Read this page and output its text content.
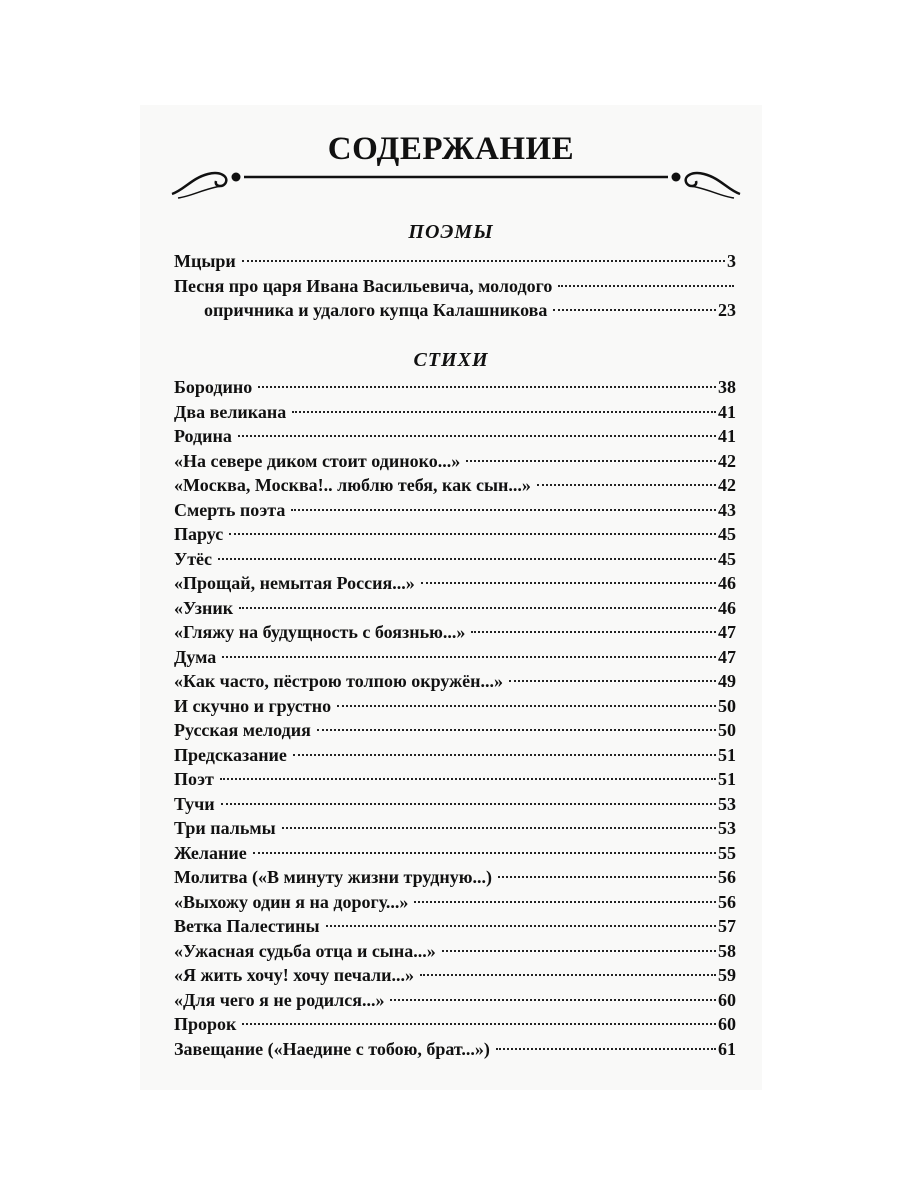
СОДЕРЖАНИЕ
ПОЭМЫ
Мцыри	3
Песня про царя Ивана Васильевича, молодого
опричника и удалого купца Калашникова	23
СТИХИ
Бородино	38
Два великана	41
Родина	41
«На севере диком стоит одиноко...»	42
«Москва, Москва!.. люблю тебя, как сын...»	42
Смерть поэта	43
Парус	45
Утёс	45
«Прощай, немытая Россия...»	46
«Узник	46
«Гляжу на будущность с боязнью...»	47
Дума	47
«Как часто, пёстрою толпою окружён...»	49
И скучно и грустно	50
Русская мелодия	50
Предсказание	51
Поэт	51
Тучи	53
Три пальмы	53
Желание	55
Молитва («В минуту жизни трудную...)	56
«Выхожу один я на дорогу...»	56
Ветка Палестины	57
«Ужасная судьба отца и сына...»	58
«Я жить хочу! хочу печали...»	59
«Для чего я не родился...»	60
Пророк	60
Завещание («Наедине с тобою, брат...»)	61
